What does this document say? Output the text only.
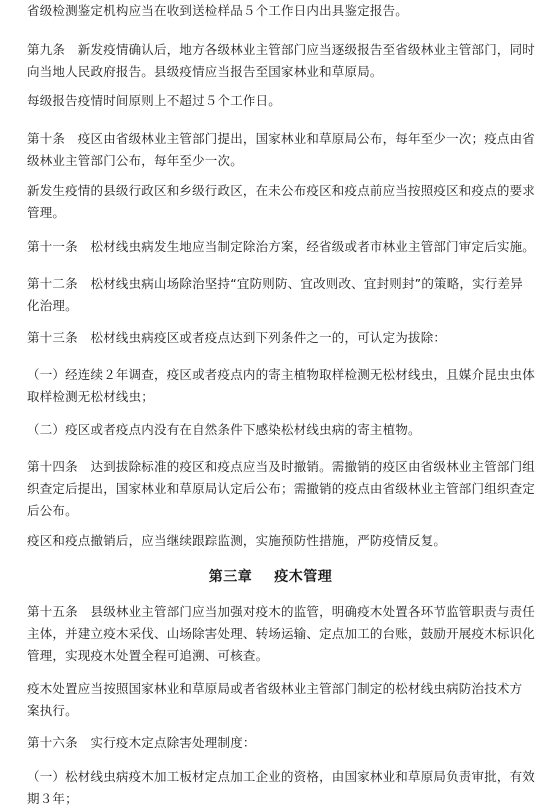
省级检测鉴定机构应当在收到送检样品５个工作日内出具鉴定报告。
第九条　新发疫情确认后，地方各级林业主管部门应当逐级报告至省级林业主管部门，同时
向当地人民政府报告。县级疫情应当报告至国家林业和草原局。
每级报告疫情时间原则上不超过５个工作日。
第十条　疫区由省级林业主管部门提出，国家林业和草原局公布，每年至少一次；疫点由省
级林业主管部门公布，每年至少一次。
新发生疫情的县级行政区和乡级行政区，在未公布疫区和疫点前应当按照疫区和疫点的要求
管理。
第十一条　松材线虫病发生地应当制定除治方案，经省级或者市林业主管部门审定后实施。
第十二条　松材线虫病山场除治坚持“宜防则防、宜改则改、宜封则封”的策略，实行差异
化治理。
第十三条　松材线虫病疫区或者疫点达到下列条件之一的，可认定为拔除：
（一）经连续２年调查，疫区或者疫点内的寄主植物取样检测无松材线虫，且媒介昆虫虫体
取样检测无松材线虫；
（二）疫区或者疫点内没有在自然条件下感染松材线虫病的寄主植物。
第十四条　达到拔除标准的疫区和疫点应当及时撤销。需撤销的疫区由省级林业主管部门组
织查定后提出，国家林业和草原局认定后公布；需撤销的疫点由省级林业主管部门组织查定
后公布。
疫区和疫点撤销后，应当继续跟踪监测，实施预防性措施，严防疫情反复。
第三章 疫木管理
第十五条　县级林业主管部门应当加强对疫木的监管，明确疫木处置各环节监管职责与责任
主体，并建立疫木采伐、山场除害处理、转场运输、定点加工的台账，鼓励开展疫木标识化
管理，实现疫木处置全程可追溯、可核查。
疫木处置应当按照国家林业和草原局或者省级林业主管部门制定的松材线虫病防治技术方
案执行。
第十六条　实行疫木定点除害处理制度：
（一）松材线虫病疫木加工板材定点加工企业的资格，由国家林业和草原局负责审批，有效
期３年；
